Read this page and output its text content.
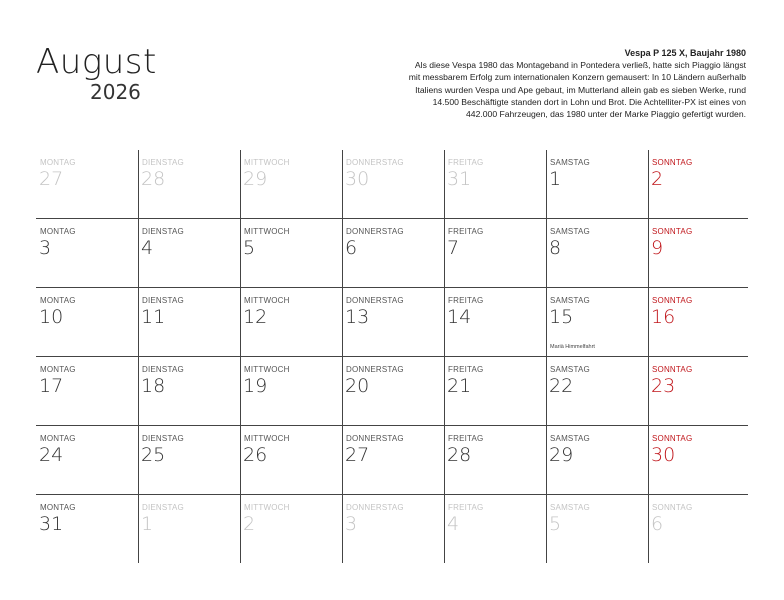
August
2026
Vespa P 125 X, Baujahr 1980
Als diese Vespa 1980 das Montageband in Pontedera verließ, hatte sich Piaggio längst
mit messbarem Erfolg zum internationalen Konzern gemausert: In 10 Ländern außerhalb
Italiens wurden Vespa und Ape gebaut, im Mutterland allein gab es sieben Werke, rund
14.500 Beschäftigte standen dort in Lohn und Brot. Die Achtelliter-PX ist eines von
442.000 Fahrzeugen, das 1980 unter der Marke Piaggio gefertigt wurden.
MONTAG
27
DIENSTAG
28
MITTWOCH
29
DONNERSTAG
30
FREITAG
31
SAMSTAG
1
SONNTAG
2
MONTAG
3
DIENSTAG
4
MITTWOCH
5
DONNERSTAG
6
FREITAG
7
SAMSTAG
8
SONNTAG
9
MONTAG
10
DIENSTAG
11
MITTWOCH
12
DONNERSTAG
13
FREITAG
14
SAMSTAG
15
Mariä Himmelfahrt
SONNTAG
16
MONTAG
17
DIENSTAG
18
MITTWOCH
19
DONNERSTAG
20
FREITAG
21
SAMSTAG
22
SONNTAG
23
MONTAG
24
DIENSTAG
25
MITTWOCH
26
DONNERSTAG
27
FREITAG
28
SAMSTAG
29
SONNTAG
30
MONTAG
31
DIENSTAG
1
MITTWOCH
2
DONNERSTAG
3
FREITAG
4
SAMSTAG
5
SONNTAG
6
